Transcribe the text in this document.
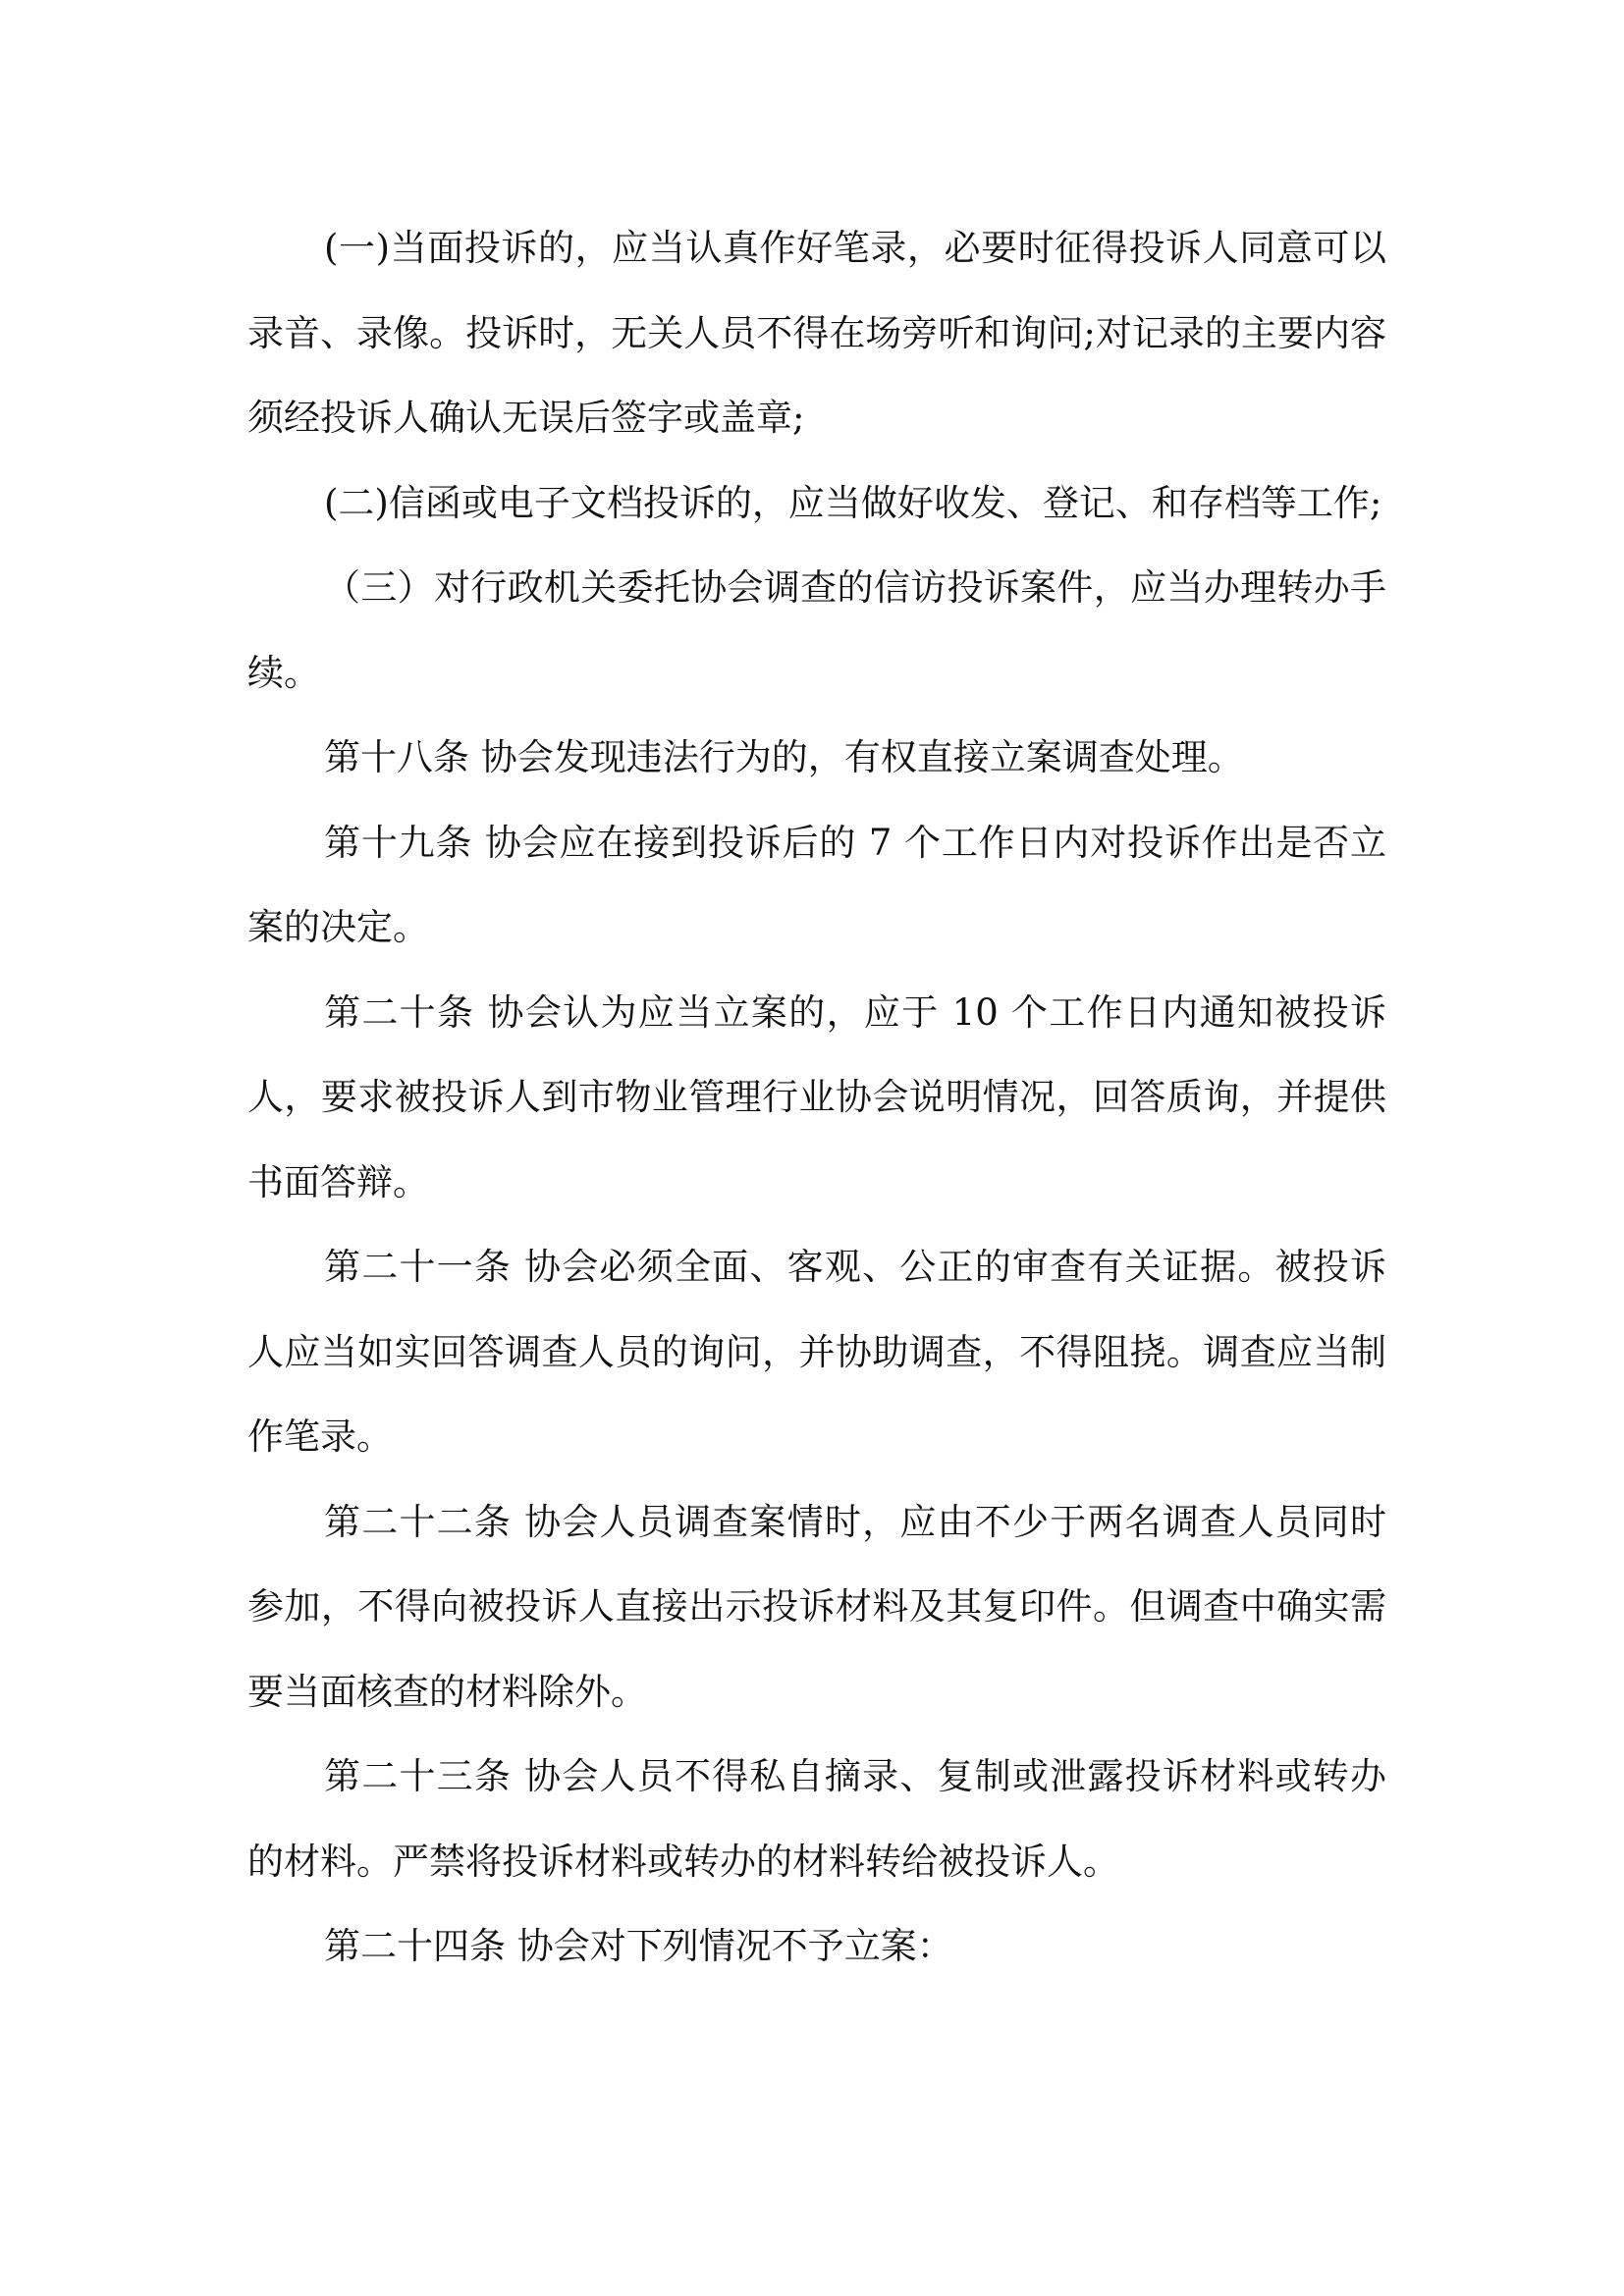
(一)当面投诉的，应当认真作好笔录，必要时征得投诉人同意可以录音、录像。投诉时，无关人员不得在场旁听和询问;对记录的主要内容须经投诉人确认无误后签字或盖章;

(二)信函或电子文档投诉的，应当做好收发、登记、和存档等工作;

（三）对行政机关委托协会调查的信访投诉案件，应当办理转办手续。

第十八条 协会发现违法行为的，有权直接立案调查处理。

第十九条 协会应在接到投诉后的 7 个工作日内对投诉作出是否立案的决定。

第二十条 协会认为应当立案的，应于 10 个工作日内通知被投诉人，要求被投诉人到市物业管理行业协会说明情况，回答质询，并提供书面答辩。

第二十一条 协会必须全面、客观、公正的审查有关证据。被投诉人应当如实回答调查人员的询问，并协助调查，不得阻挠。调查应当制作笔录。

第二十二条 协会人员调查案情时，应由不少于两名调查人员同时参加，不得向被投诉人直接出示投诉材料及其复印件。但调查中确实需要当面核查的材料除外。

第二十三条 协会人员不得私自摘录、复制或泄露投诉材料或转办的材料。严禁将投诉材料或转办的材料转给被投诉人。

第二十四条 协会对下列情况不予立案：
